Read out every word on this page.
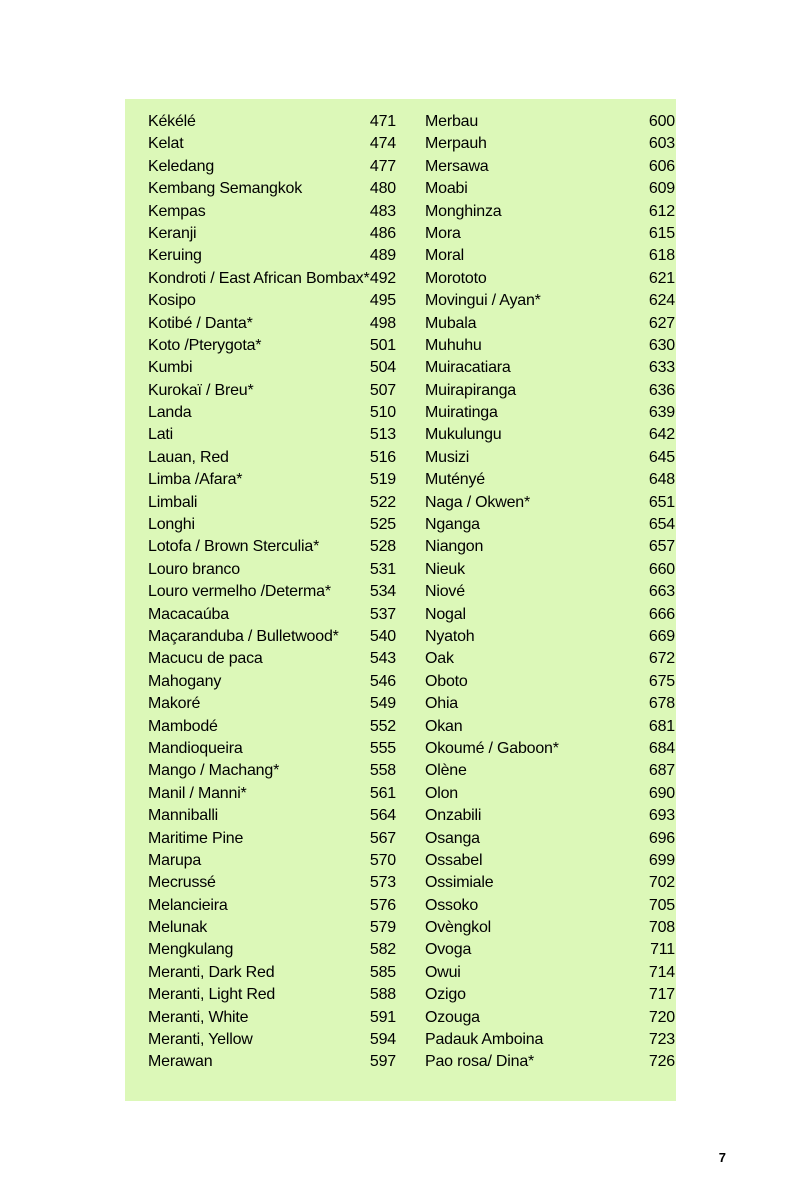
Kékélé	471
Kelat	474
Keledang	477
Kembang Semangkok	480
Kempas	483
Keranji	486
Keruing	489
Kondroti / East African Bombax* 492
Kosipo	495
Kotibé / Danta*	498
Koto /Pterygota*	501
Kumbi	504
Kurokaï / Breu*	507
Landa	510
Lati	513
Lauan, Red	516
Limba /Afara*	519
Limbali	522
Longhi	525
Lotofa / Brown Sterculia*	528
Louro branco	531
Louro vermelho /Determa* 534
Macacaúba	537
Maçaranduba / Bulletwood* 540
Macucu de paca	543
Mahogany	546
Makoré	549
Mambodé	552
Mandioqueira	555
Mango / Machang*	558
Manil / Manni*	561
Manniballi	564
Maritime Pine	567
Marupa	570
Mecrussé	573
Melancieira	576
Melunak	579
Mengkulang	582
Meranti, Dark Red	585
Meranti, Light Red	588
Meranti, White	591
Meranti, Yellow	594
Merawan	597
Merbau	600
Merpauh	603
Mersawa	606
Moabi	609
Monghinza	612
Mora	615
Moral	618
Morototo	621
Movingui / Ayan*	624
Mubala	627
Muhuhu	630
Muiracatiara	633
Muirapiranga	636
Muiratinga	639
Mukulungu	642
Musizi	645
Mutényé	648
Naga / Okwen*	651
Nganga	654
Niangon	657
Nieuk	660
Niové	663
Nogal	666
Nyatoh	669
Oak	672
Oboto	675
Ohia	678
Okan	681
Okoumé / Gaboon*	684
Olène	687
Olon	690
Onzabili	693
Osanga	696
Ossabel	699
Ossimiale	702
Ossoko	705
Ovèngkol	708
Ovoga	711
Owui	714
Ozigo	717
Ozouga	720
Padauk Amboina	723
Pao rosa/ Dina*	726
7
